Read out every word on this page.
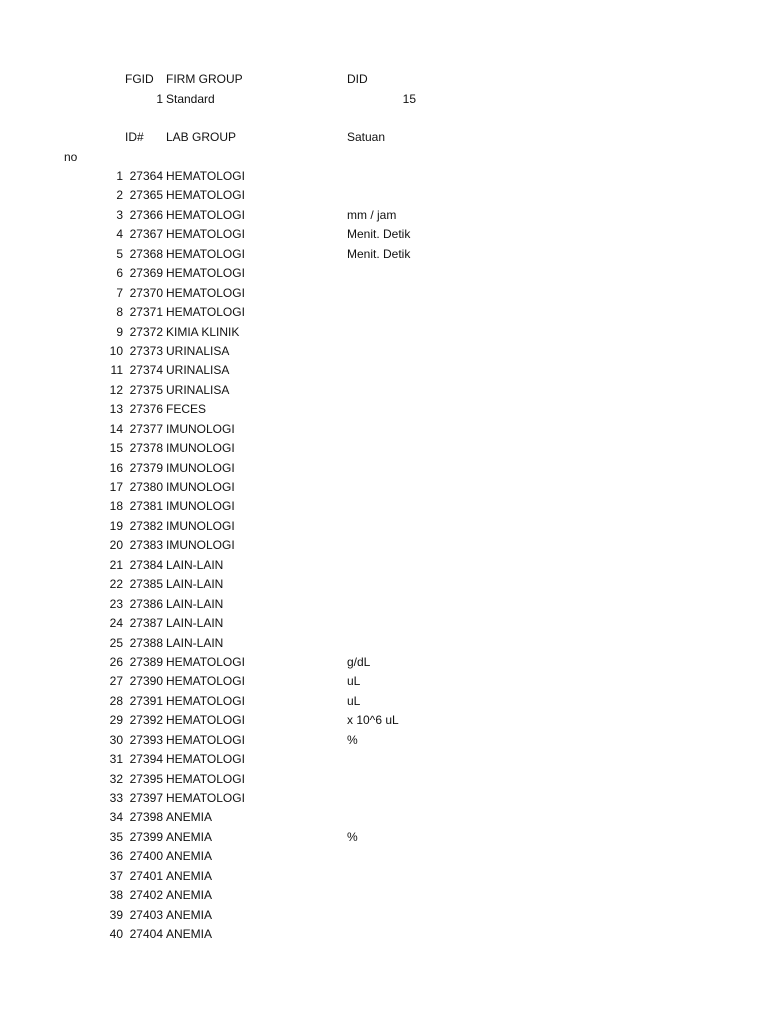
FGID FIRM GROUP	DID
1 Standard	15
ID# LAB GROUP	Satuan
no
1 27364 HEMATOLOGI
2 27365 HEMATOLOGI
3 27366 HEMATOLOGI	mm / jam
4 27367 HEMATOLOGI	Menit. Detik
5 27368 HEMATOLOGI	Menit. Detik
6 27369 HEMATOLOGI
7 27370 HEMATOLOGI
8 27371 HEMATOLOGI
9 27372 KIMIA KLINIK
10 27373 URINALISA
11 27374 URINALISA
12 27375 URINALISA
13 27376 FECES
14 27377 IMUNOLOGI
15 27378 IMUNOLOGI
16 27379 IMUNOLOGI
17 27380 IMUNOLOGI
18 27381 IMUNOLOGI
19 27382 IMUNOLOGI
20 27383 IMUNOLOGI
21 27384 LAIN-LAIN
22 27385 LAIN-LAIN
23 27386 LAIN-LAIN
24 27387 LAIN-LAIN
25 27388 LAIN-LAIN
26 27389 HEMATOLOGI	g/dL
27 27390 HEMATOLOGI	uL
28 27391 HEMATOLOGI	uL
29 27392 HEMATOLOGI	x 10^6 uL
30 27393 HEMATOLOGI	%
31 27394 HEMATOLOGI
32 27395 HEMATOLOGI
33 27397 HEMATOLOGI
34 27398 ANEMIA
35 27399 ANEMIA	%
36 27400 ANEMIA
37 27401 ANEMIA
38 27402 ANEMIA
39 27403 ANEMIA
40 27404 ANEMIA
